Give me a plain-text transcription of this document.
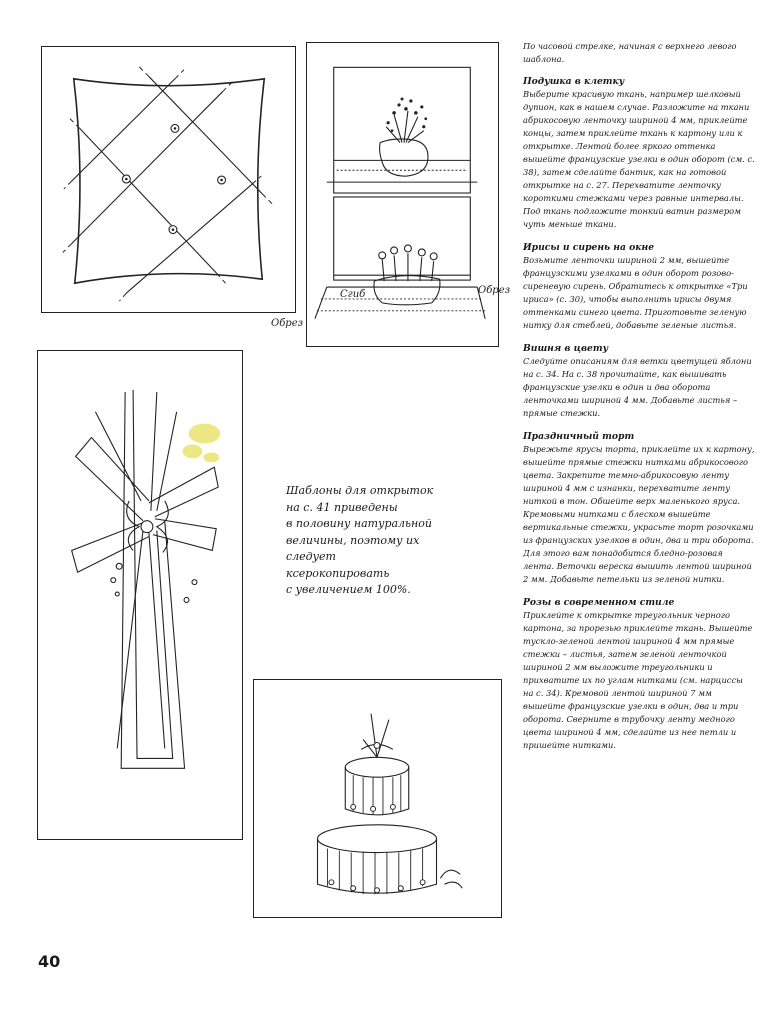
Сгиб	Обрез
Обрез
Шаблоны для открыток
на с. 41 приведены
в половину натуральной
величины, поэтому их
следует ксерокопировать
с увеличением 100%.

По часовой стрелке, начиная с верхнего левого шаблона.

Подушка в клетку

Выберите красивую ткань, например шелковый дупион, как в нашем случае. Разложите на ткани абрикосовую ленточку шириной 4 мм, приклейте концы, затем приклейте ткань к картону или к открытке. Лентой более яркого оттенка вышейте французские узелки в один оборот (см. с. 38), затем сделайте бантик, как на готовой открытке на с. 27. Перехватите ленточку короткими стежками через равные интервалы. Под ткань подложите тонкий ватин размером чуть меньше ткани.

Ирисы и сирень на окне

Возьмите ленточки шириной 2 мм, вышейте французскими узелками в один оборот розово-сиреневую сирень. Обратитесь к открытке «Три ириса» (с. 30), чтобы выполнить ирисы двумя оттенками синего цвета. Приготовьте зеленую нитку для стеблей, добавьте зеленые листья.

Вишня в цвету

Следуйте описаниям для ветки цветущей яблони на с. 34. На с. 38 прочитайте, как вышивать французские узелки в один и два оборота ленточками шириной 4 мм. Добавьте листья – прямые стежки.

Праздничный торт

Вырежьте ярусы торта, приклейте их к картону, вышейте прямые стежки нитками абрикосового цвета. Закрепите темно-абрикосовую ленту шириной 4 мм с изнанки, перехватите ленту ниткой в тон. Обшейте верх маленького яруса. Кремовыми нитками с блеском вышейте вертикальные стежки, украсьте торт розочками из французских узелков в один, два и три оборота. Для этого вам понадобится бледно-розовая лента. Веточки вереска вышить лентой шириной 2 мм. Добавьте петельки из зеленой нитки.

Розы в современном стиле

Приклейте к открытке треугольник черного картона, за прорезью приклейте ткань. Вышейте тускло-зеленой лентой шириной 4 мм прямые стежки – листья, затем зеленой ленточкой шириной 2 мм выложите треугольники и прихватите их по углам нитками (см. нарциссы на с. 34). Кремовой лентой шириной 7 мм вышейте французские узелки в один, два и три оборота. Сверните в трубочку ленту медного цвета шириной 4 мм, сделайте из нее петли и пришейте нитками.

40
